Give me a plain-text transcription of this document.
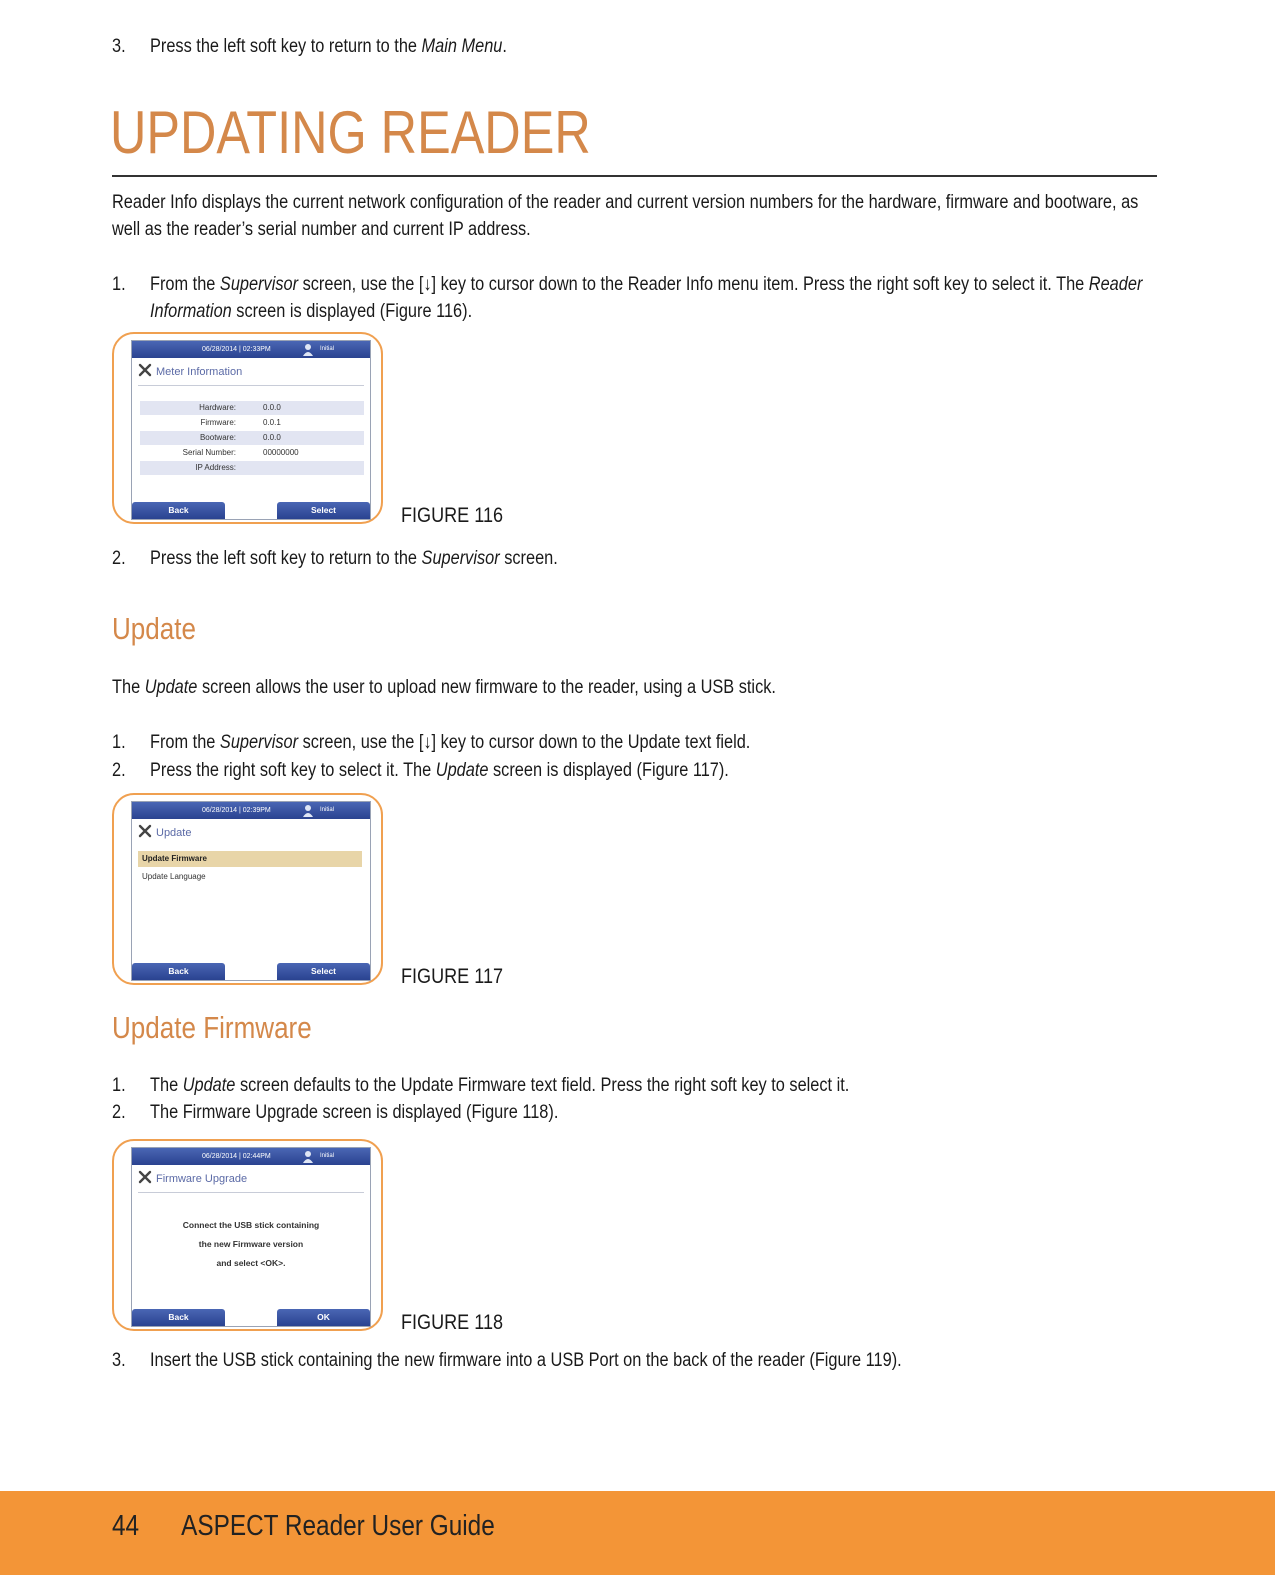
3. Press the left soft key to return to the Main Menu.
UPDATING READER
Reader Info displays the current network configuration of the reader and current version numbers for the hardware, firmware and bootware, as
well as the reader’s serial number and current IP address.
1. From the Supervisor screen, use the [↓] key to cursor down to the Reader Info menu item. Press the right soft key to select it. The Reader
Information screen is displayed (Figure 116).
06/28/2014 | 02:33PM	Initial
Meter Information
Hardware:	0.0.0
Firmware:	0.0.1
Bootware:	0.0.0
Serial Number:	00000000
IP Address:
Back	Select	FIGURE 116
2. Press the left soft key to return to the Supervisor screen.
Update
The Update screen allows the user to upload new firmware to the reader, using a USB stick.
1. From the Supervisor screen, use the [↓] key to cursor down to the Update text field.
2. Press the right soft key to select it. The Update screen is displayed (Figure 117).
06/28/2014 | 02:39PM	Initial
Update
Update Firmware
Update Language
Back	Select	FIGURE 117
Update Firmware
1. The Update screen defaults to the Update Firmware text field. Press the right soft key to select it.
2. The Firmware Upgrade screen is displayed (Figure 118).
06/28/2014 | 02:44PM	Initial
Firmware Upgrade
Connect the USB stick containing
the new Firmware version
and select <OK>.
Back	OK	FIGURE 118
3. Insert the USB stick containing the new firmware into a USB Port on the back of the reader (Figure 119).
44 ASPECT Reader User Guide
